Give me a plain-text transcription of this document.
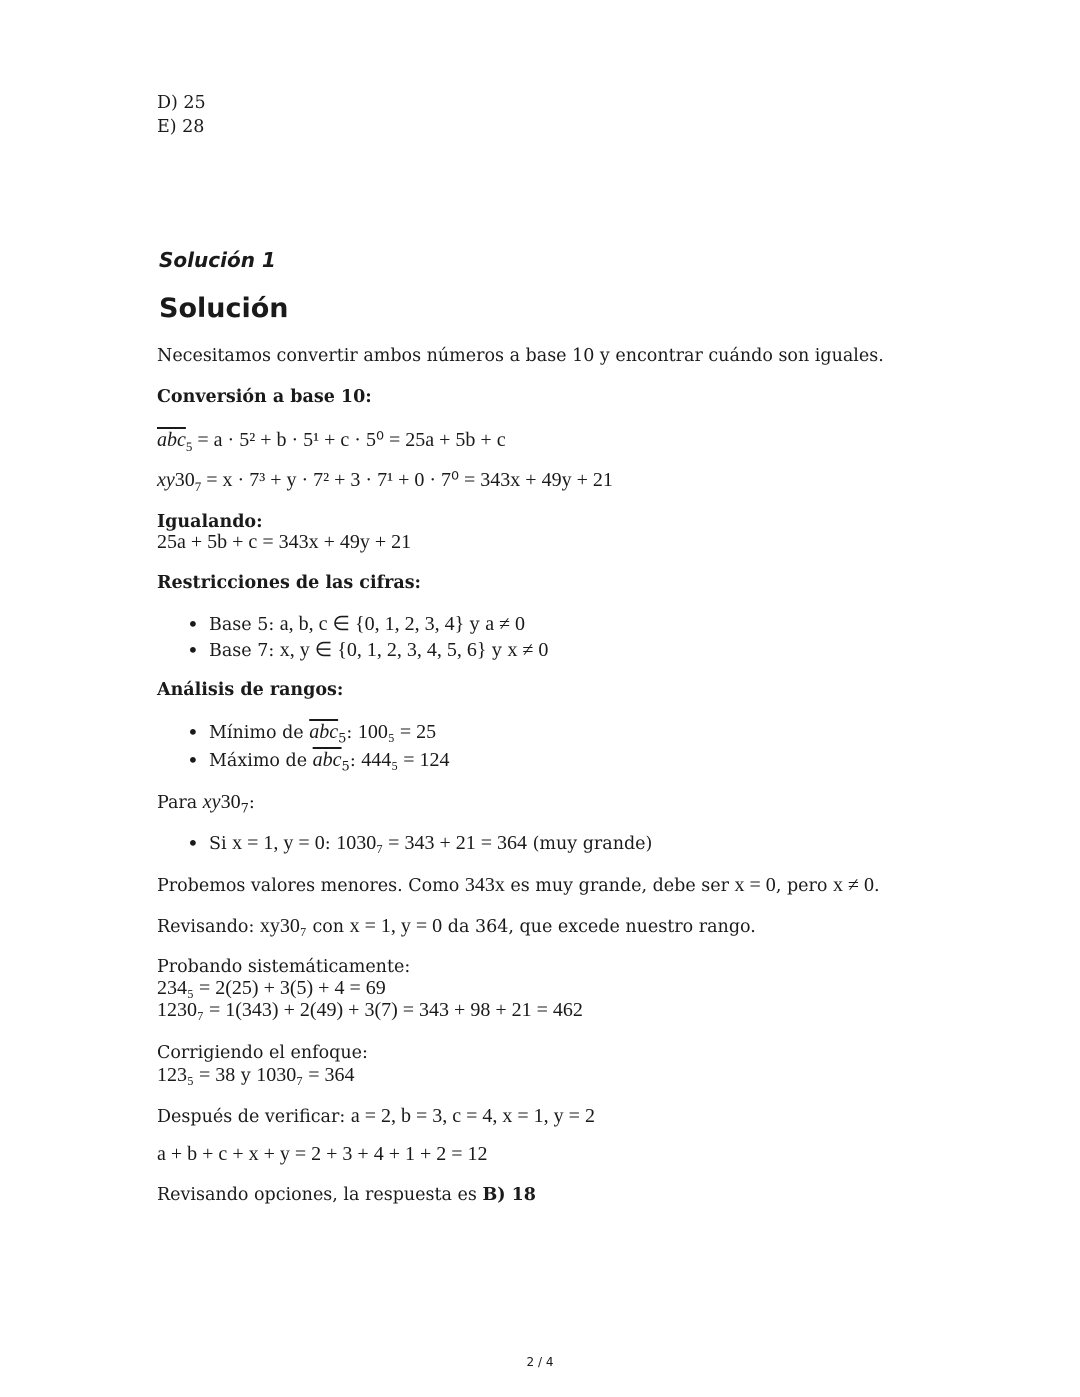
D) 25
E) 28
Solución 1
Solución
Necesitamos convertir ambos números a base 10 y encontrar cuándo son iguales.
Conversión a base 10:
$\overline{abc}_5 = a \cdot 5^2 + b \cdot 5^1 + c \cdot 5^0 = 25a + 5b + c$
$xy30_7 = x \cdot 7^3 + y \cdot 7^2 + 3 \cdot 7^1 + 0 \cdot 7^0 = 343x + 49y + 21$
Igualando:
25a + 5b + c = 343x + 49y + 21
Restricciones de las cifras:
• Base 5: a, b, c ∈ {0, 1, 2, 3, 4} y a ≠ 0
• Base 7: x, y ∈ {0, 1, 2, 3, 4, 5, 6} y x ≠ 0
Análisis de rangos:
• Mínimo de $\overline{abc}_5$: 100₅ = 25
• Máximo de $\overline{abc}_5$: 444₅ = 124
Para $xy30_7$:
• Si x = 1, y = 0: 1030₇ = 343 + 21 = 364 (muy grande)
Probemos valores menores. Como 343x es muy grande, debe ser x = 0, pero x ≠ 0.
Revisando: xy30₇ con x = 1, y = 0 da 364, que excede nuestro rango.
Probando sistemáticamente:
234₅ = 2(25) + 3(5) + 4 = 69
1230₇ = 1(343) + 2(49) + 3(7) = 343 + 98 + 21 = 462
Corrigiendo el enfoque:
123₅ = 38 y 1030₇ = 364
Después de verificar: a = 2, b = 3, c = 4, x = 1, y = 2
a + b + c + x + y = 2 + 3 + 4 + 1 + 2 = 12
Revisando opciones, la respuesta es B) 18
2 / 4
